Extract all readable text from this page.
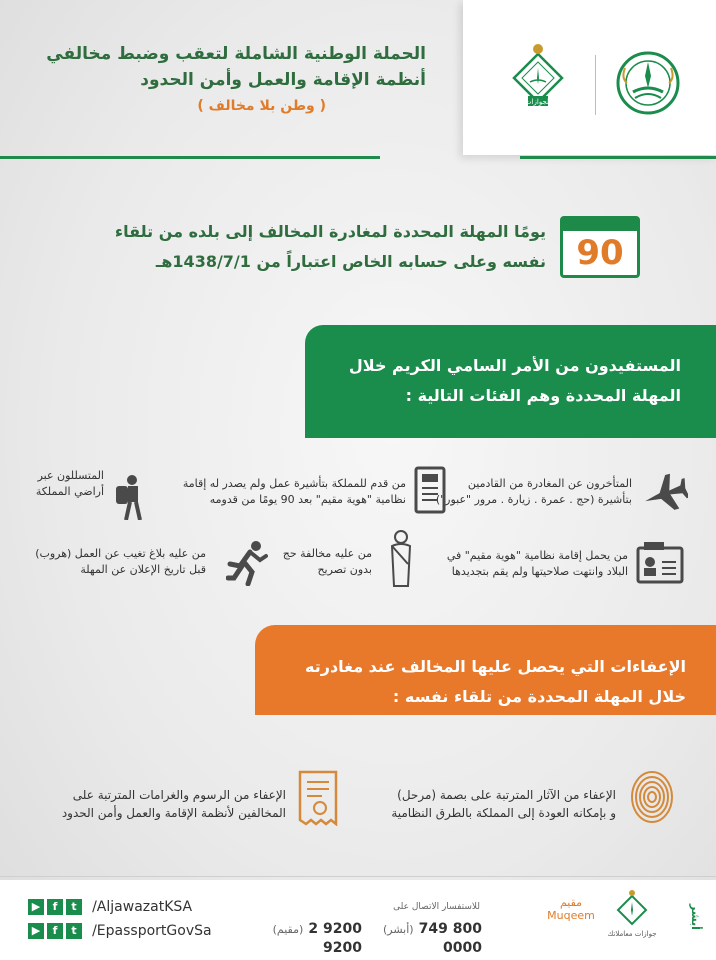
الجوازات
الحملة الوطنية الشاملة لتعقب وضبط مخالفي
أنظمة الإقامة والعمل وأمن الحدود
( وطن بلا مخالف )
90
يومًا المهلة المحددة لمغادرة المخالف إلى بلده من تلقاء
نفسه وعلى حسابه الخاص اعتباراً من 1438/7/1هـ
المستفيدون من الأمر السامي الكريم خلال
المهلة المحددة وهم الفئات التالية :
المتأخرون عن المغادرة من القادمين
بتأشيرة (حج . عمرة . زيارة . مرور "عبور")
من قدم للمملكة بتأشيرة عمل ولم يصدر له إقامة
نظامية "هوية مقيم" بعد 90 يومًا من قدومه
المتسللون عبر
أراضي المملكة
من يحمل إقامة نظامية "هوية مقيم" في
البلاد وانتهت صلاحيتها ولم يقم بتجديدها
من عليه مخالفة حج
بدون تصريح
من عليه بلاغ تغيب عن العمل (هروب)
قبل تاريخ الإعلان عن المهلة
الإعفاءات التي يحصل عليها المخالف عند مغادرته
خلال المهلة المحددة من تلقاء نفسه :
الإعفاء من الآثار المترتبة على بصمة (مرحل)
و بإمكانه العودة إلى المملكة بالطرق النظامية
الإعفاء من الرسوم والغرامات المترتبة على
المخالفين لأنظمة الإقامة والعمل وأمن الحدود
▶ f t /AljawazatKSA
▶ f t /EpassportGovSa
للاستفسار الاتصال على
(أبشر) 800 749 0000
(مقيم) 9200 2 9200
مقيم
Muqeem
جوازات معاملاتك
أبشر
